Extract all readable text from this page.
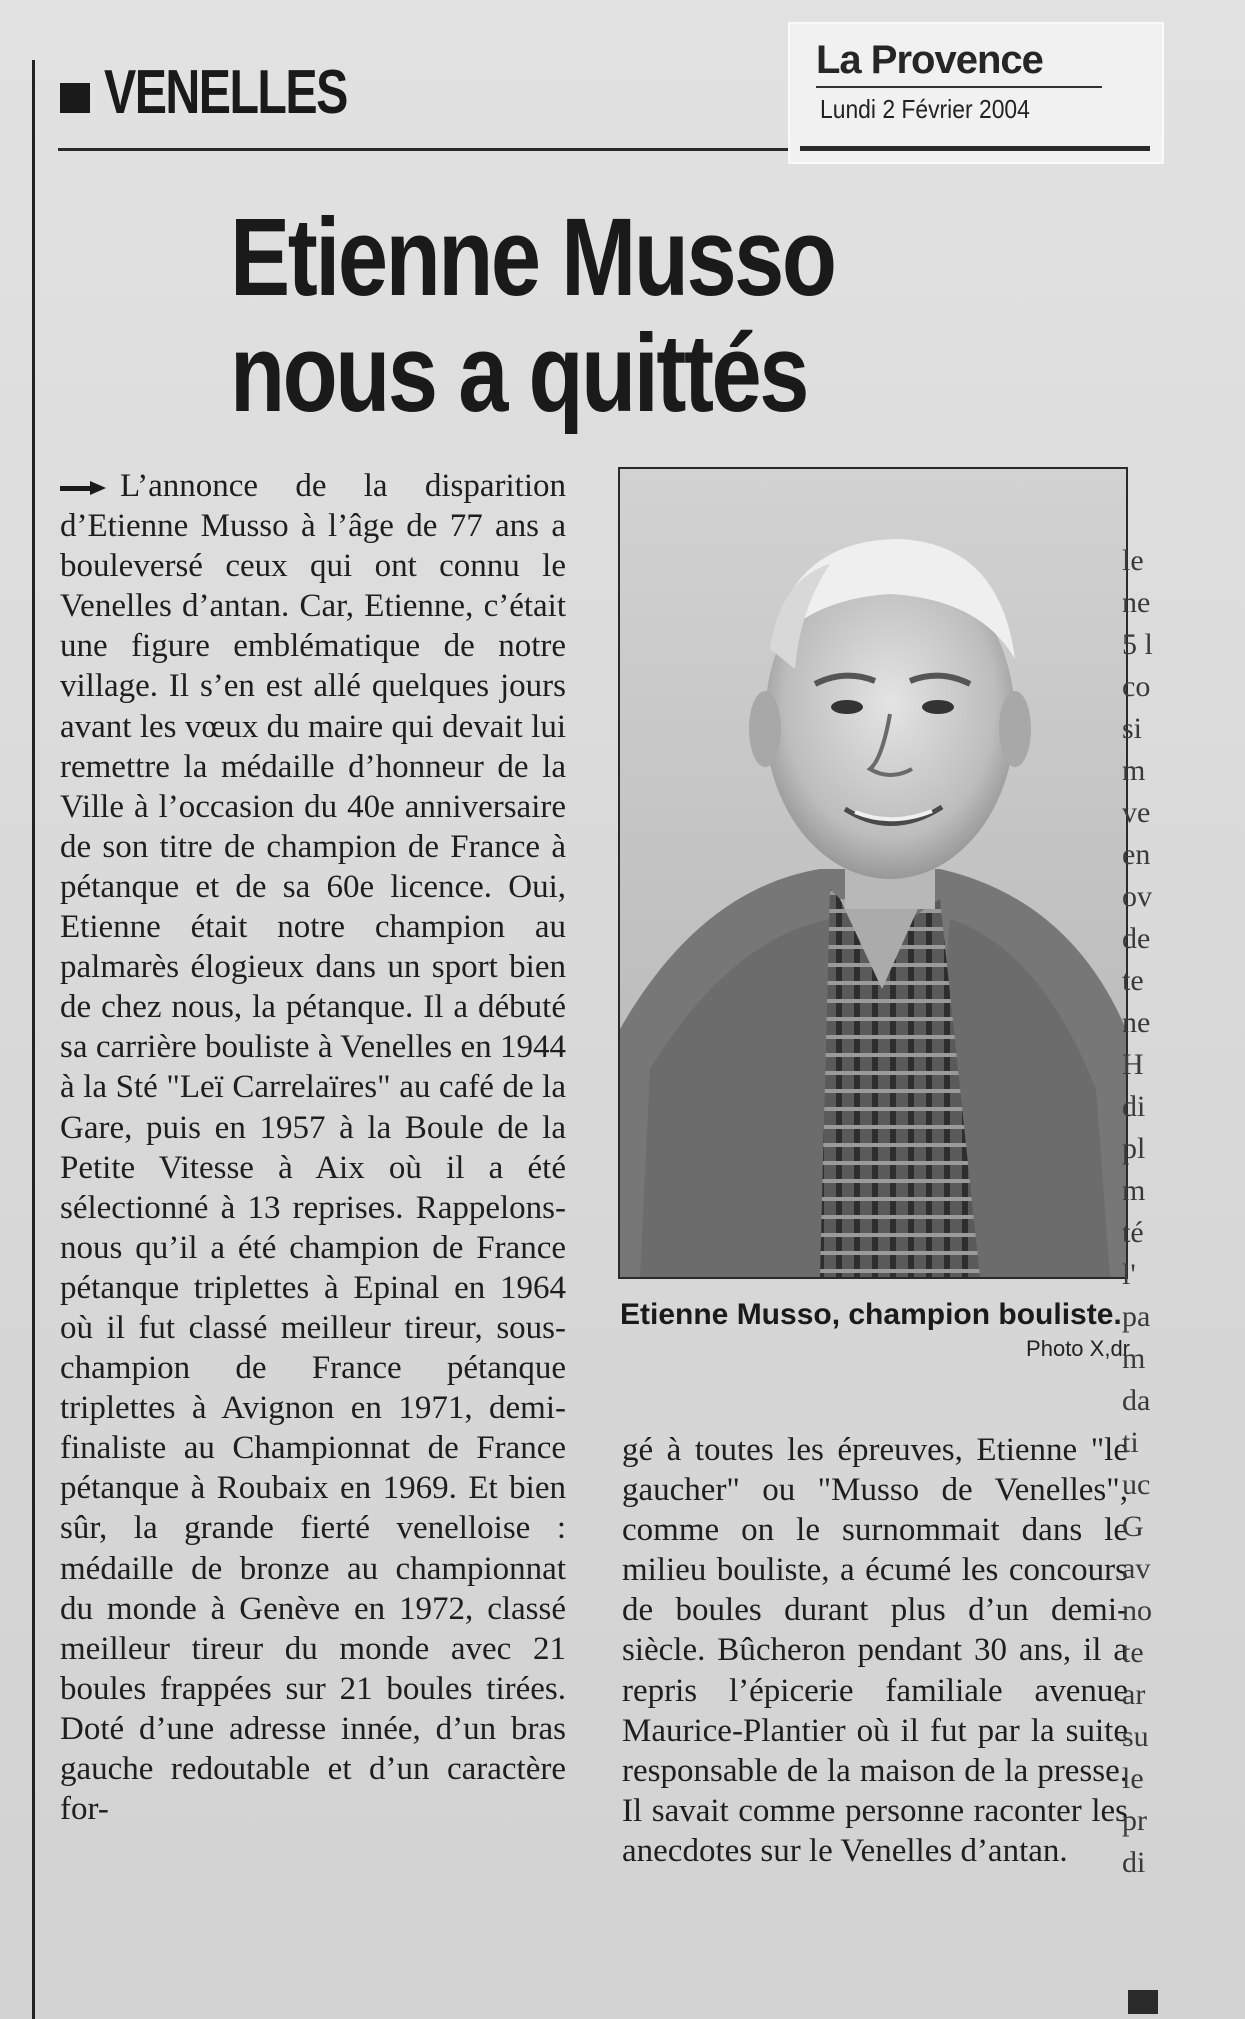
VENELLES	La Provence
Lundi 2 Février 2004
Etienne Musso
nous a quittés

L’annonce de la disparition d’Etienne Musso à l’âge de 77 ans a bouleversé ceux qui ont connu le Venelles d’antan. Car, Etienne, c’était une figure emblématique de notre village. Il s’en est allé quelques jours avant les vœux du maire qui devait lui remettre la médaille d’honneur de la Ville à l’occasion du 40e anniversaire de son titre de champion de France à pétanque et de sa 60e licence. Oui, Etienne était notre champion au palmarès élogieux dans un sport bien de chez nous, la pétanque. Il a débuté sa carrière bouliste à Venelles en 1944 à la Sté "Leï Carrelaïres" au café de la Gare, puis en 1957 à la Boule de la Petite Vitesse à Aix où il a été sélectionné à 13 reprises. Rappelons-nous qu’il a été champion de France pétanque triplettes à Epinal en 1964 où il fut classé meilleur tireur, sous-champion de France pétanque triplettes à Avignon en 1971, demi-finaliste au Championnat de France pétanque à Roubaix en 1969. Et bien sûr, la grande fierté venelloise : médaille de bronze au championnat du monde à Genève en 1972, classé meilleur tireur du monde avec 21 boules frappées sur 21 boules tirées. Doté d’une adresse innée, d’un bras gauche redoutable et d’un caractère for-

Etienne Musso, champion bouliste.
Photo X,dr

gé à toutes les épreuves, Etienne "le gaucher" ou "Musso de Venelles", comme on le surnommait dans le milieu bouliste, a écumé les concours de boules durant plus d’un demi-siècle. Bûcheron pendant 30 ans, il a repris l’épicerie familiale avenue Maurice-Plantier où il fut par la suite responsable de la maison de la presse. Il savait comme personne raconter les anecdotes sur le Venelles d’antan.

le
ne
5 l
co
si
m
ve
en
ov
de
te
ne
H
di
pl
m
té
l'
pa
m
da
ti
uc
G
av
no
te
ar
su
le
pr
di
